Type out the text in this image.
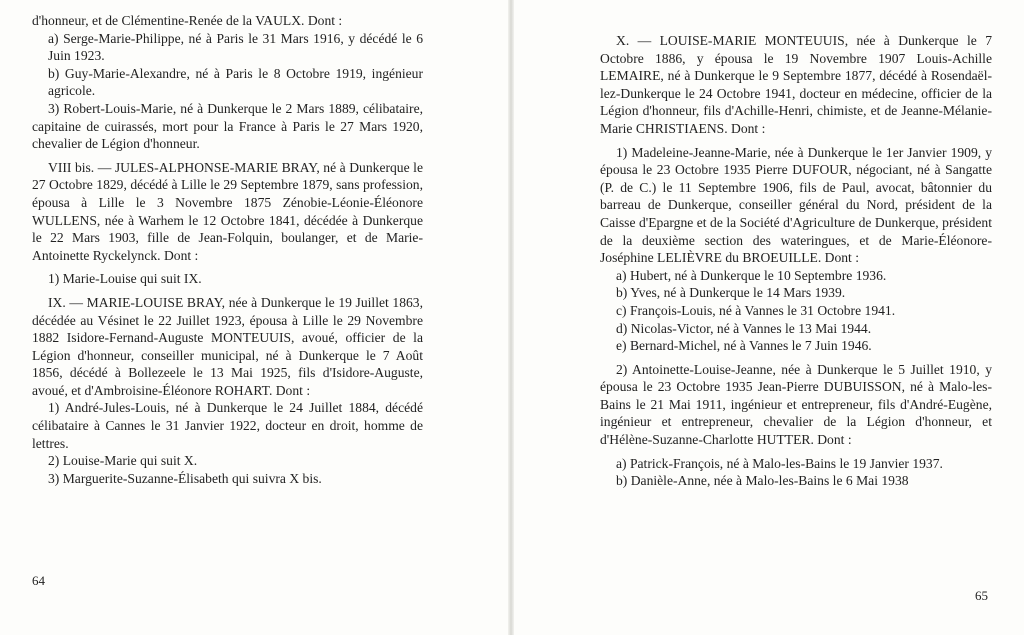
d'honneur, et de Clémentine-Renée de la VAULX. Dont :

a) Serge-Marie-Philippe, né à Paris le 31 Mars 1916, y décédé le 6 Juin 1923.

b) Guy-Marie-Alexandre, né à Paris le 8 Octobre 1919, ingénieur agricole.

3) Robert-Louis-Marie, né à Dunkerque le 2 Mars 1889, célibataire, capitaine de cuirassés, mort pour la France à Paris le 27 Mars 1920, chevalier de Légion d'honneur.

VIII bis. — JULES-ALPHONSE-MARIE BRAY, né à Dunkerque le 27 Octobre 1829, décédé à Lille le 29 Septembre 1879, sans profession, épousa à Lille le 3 Novembre 1875 Zénobie-Léonie-Éléonore WULLENS, née à Warhem le 12 Octobre 1841, décédée à Dunkerque le 22 Mars 1903, fille de Jean-Folquin, boulanger, et de Marie-Antoinette Ryckelynck. Dont :

1) Marie-Louise qui suit IX.

IX. — MARIE-LOUISE BRAY, née à Dunkerque le 19 Juillet 1863, décédée au Vésinet le 22 Juillet 1923, épousa à Lille le 29 Novembre 1882 Isidore-Fernand-Auguste MONTEUUIS, avoué, officier de la Légion d'honneur, conseiller municipal, né à Dunkerque le 7 Août 1856, décédé à Bollezeele le 13 Mai 1925, fils d'Isidore-Auguste, avoué, et d'Ambroisine-Éléonore ROHART. Dont :

1) André-Jules-Louis, né à Dunkerque le 24 Juillet 1884, décédé célibataire à Cannes le 31 Janvier 1922, docteur en droit, homme de lettres.

2) Louise-Marie qui suit X.

3) Marguerite-Suzanne-Élisabeth qui suivra X bis.

64

X. — LOUISE-MARIE MONTEUUIS, née à Dunkerque le 7 Octobre 1886, y épousa le 19 Novembre 1907 Louis-Achille LEMAIRE, né à Dunkerque le 9 Septembre 1877, décédé à Rosendaël-lez-Dunkerque le 24 Octobre 1941, docteur en médecine, officier de la Légion d'honneur, fils d'Achille-Henri, chimiste, et de Jeanne-Mélanie-Marie CHRISTIAENS. Dont :

1) Madeleine-Jeanne-Marie, née à Dunkerque le 1er Janvier 1909, y épousa le 23 Octobre 1935 Pierre DUFOUR, négociant, né à Sangatte (P. de C.) le 11 Septembre 1906, fils de Paul, avocat, bâtonnier du barreau de Dunkerque, conseiller général du Nord, président de la Caisse d'Epargne et de la Société d'Agriculture de Dunkerque, président de la deuxième section des wateringues, et de Marie-Éléonore-Joséphine LELIÈVRE du BROEUILLE. Dont :

a) Hubert, né à Dunkerque le 10 Septembre 1936.

b) Yves, né à Dunkerque le 14 Mars 1939.

c) François-Louis, né à Vannes le 31 Octobre 1941.

d) Nicolas-Victor, né à Vannes le 13 Mai 1944.

e) Bernard-Michel, né à Vannes le 7 Juin 1946.

2) Antoinette-Louise-Jeanne, née à Dunkerque le 5 Juillet 1910, y épousa le 23 Octobre 1935 Jean-Pierre DUBUISSON, né à Malo-les-Bains le 21 Mai 1911, ingénieur et entrepreneur, fils d'André-Eugène, ingénieur et entrepreneur, chevalier de la Légion d'honneur, et d'Hélène-Suzanne-Charlotte HUTTER. Dont :

a) Patrick-François, né à Malo-les-Bains le 19 Janvier 1937.

b) Danièle-Anne, née à Malo-les-Bains le 6 Mai 1938

65
